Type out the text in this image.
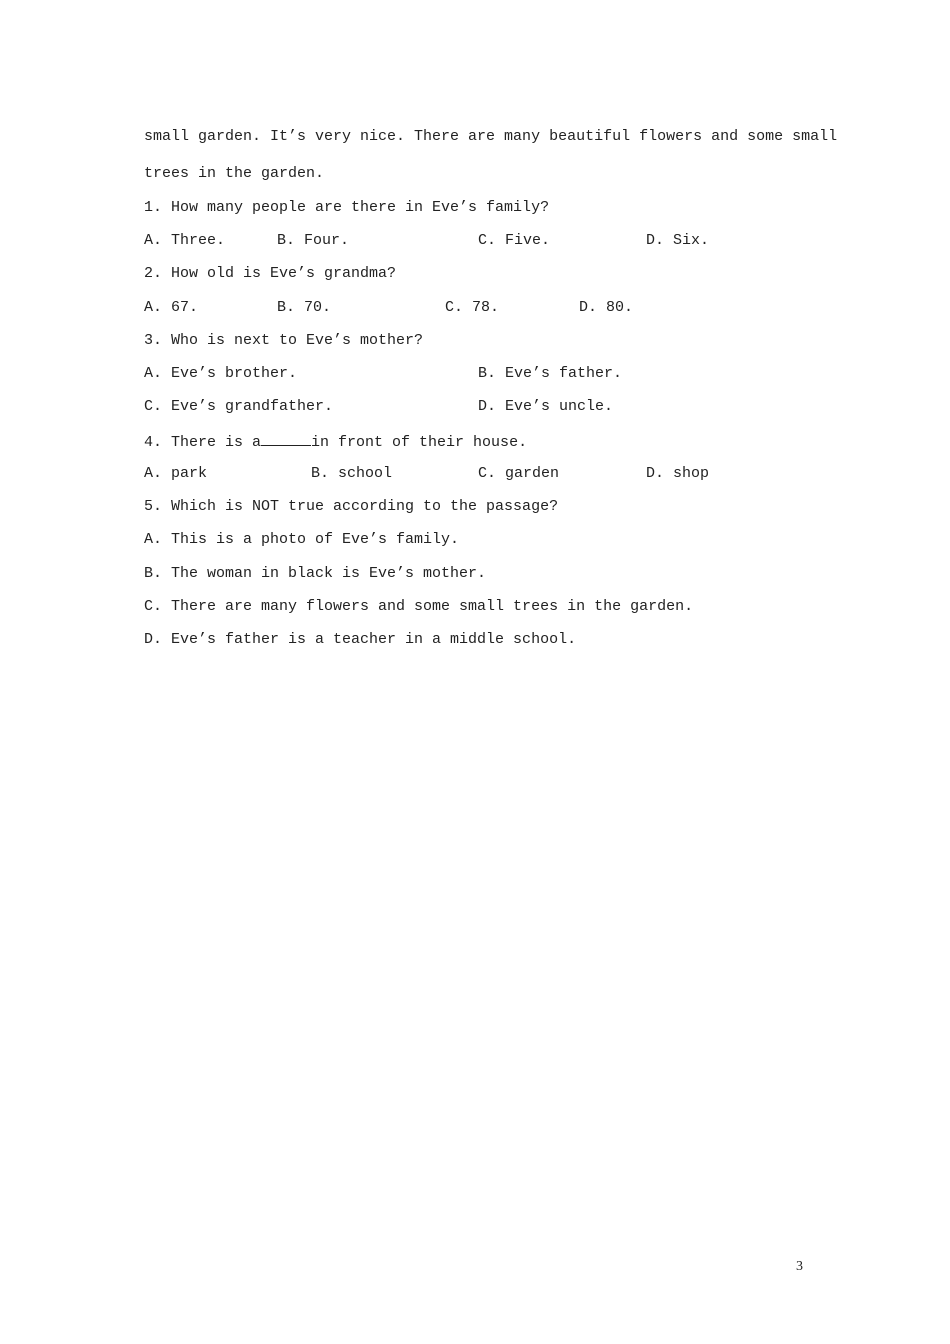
small garden. It’s very nice. There are many beautiful flowers and some small
trees in the garden.
1. How many people are there in Eve’s family?
A. Three.	B. Four.	C. Five.	D. Six.
2. How old is Eve’s grandma?
A. 67.	B. 70.	C. 78.	D. 80.
3. Who is next to Eve’s mother?
A. Eve’s brother.	B. Eve’s father.
C. Eve’s grandfather.	D. Eve’s uncle.
4. There is a	in front of their house.
A. park	B. school	C. garden	D. shop
5. Which is NOT true according to the passage?
A. This is a photo of Eve’s family.
B. The woman in black is Eve’s mother.
C. There are many flowers and some small trees in the garden.
D. Eve’s father is a teacher in a middle school.
3
